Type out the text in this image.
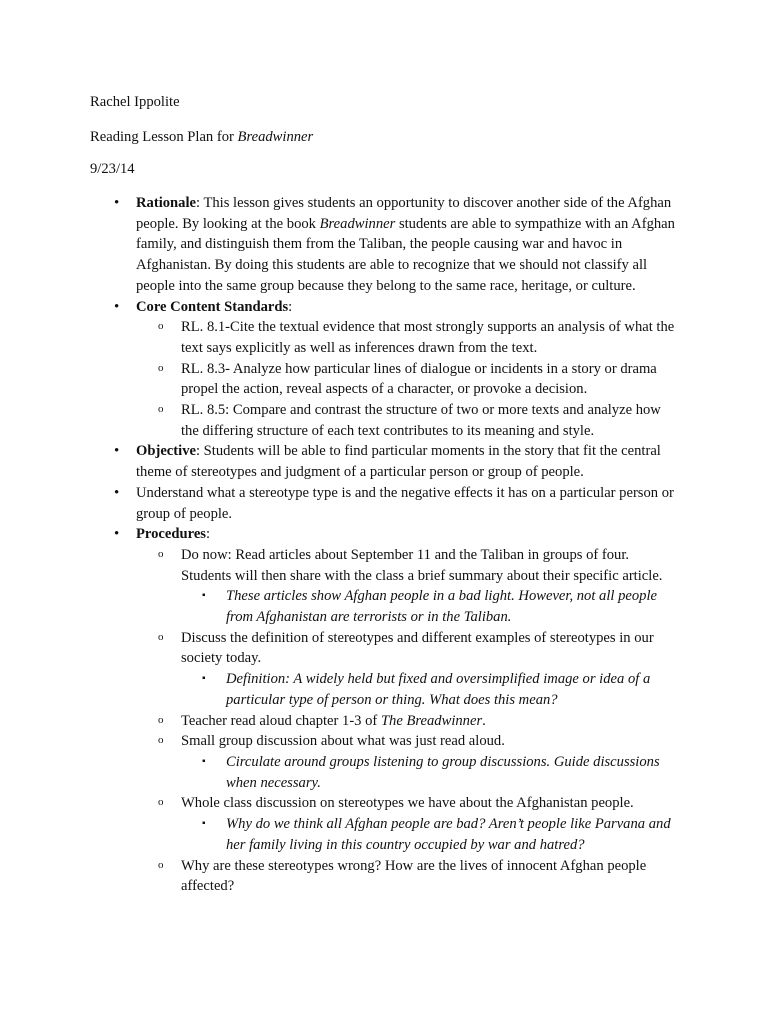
Rachel Ippolite
Reading Lesson Plan for Breadwinner
9/23/14
• Rationale: This lesson gives students an opportunity to discover another side of the Afghan people. By looking at the book Breadwinner students are able to sympathize with an Afghan family, and distinguish them from the Taliban, the people causing war and havoc in Afghanistan. By doing this students are able to recognize that we should not classify all people into the same group because they belong to the same race, heritage, or culture.
• Core Content Standards:
o RL. 8.1-Cite the textual evidence that most strongly supports an analysis of what the text says explicitly as well as inferences drawn from the text.
o RL. 8.3- Analyze how particular lines of dialogue or incidents in a story or drama propel the action, reveal aspects of a character, or provoke a decision.
o RL. 8.5: Compare and contrast the structure of two or more texts and analyze how the differing structure of each text contributes to its meaning and style.
• Objective: Students will be able to find particular moments in the story that fit the central theme of stereotypes and judgment of a particular person or group of people.
• Understand what a stereotype type is and the negative effects it has on a particular person or group of people.
• Procedures:
o Do now: Read articles about September 11 and the Taliban in groups of four. Students will then share with the class a brief summary about their specific article.
▪ These articles show Afghan people in a bad light. However, not all people from Afghanistan are terrorists or in the Taliban.
o Discuss the definition of stereotypes and different examples of stereotypes in our society today.
▪ Definition: A widely held but fixed and oversimplified image or idea of a particular type of person or thing. What does this mean?
o Teacher read aloud chapter 1-3 of The Breadwinner.
o Small group discussion about what was just read aloud.
▪ Circulate around groups listening to group discussions. Guide discussions when necessary.
o Whole class discussion on stereotypes we have about the Afghanistan people.
▪ Why do we think all Afghan people are bad? Aren’t people like Parvana and her family living in this country occupied by war and hatred?
o Why are these stereotypes wrong? How are the lives of innocent Afghan people affected?
